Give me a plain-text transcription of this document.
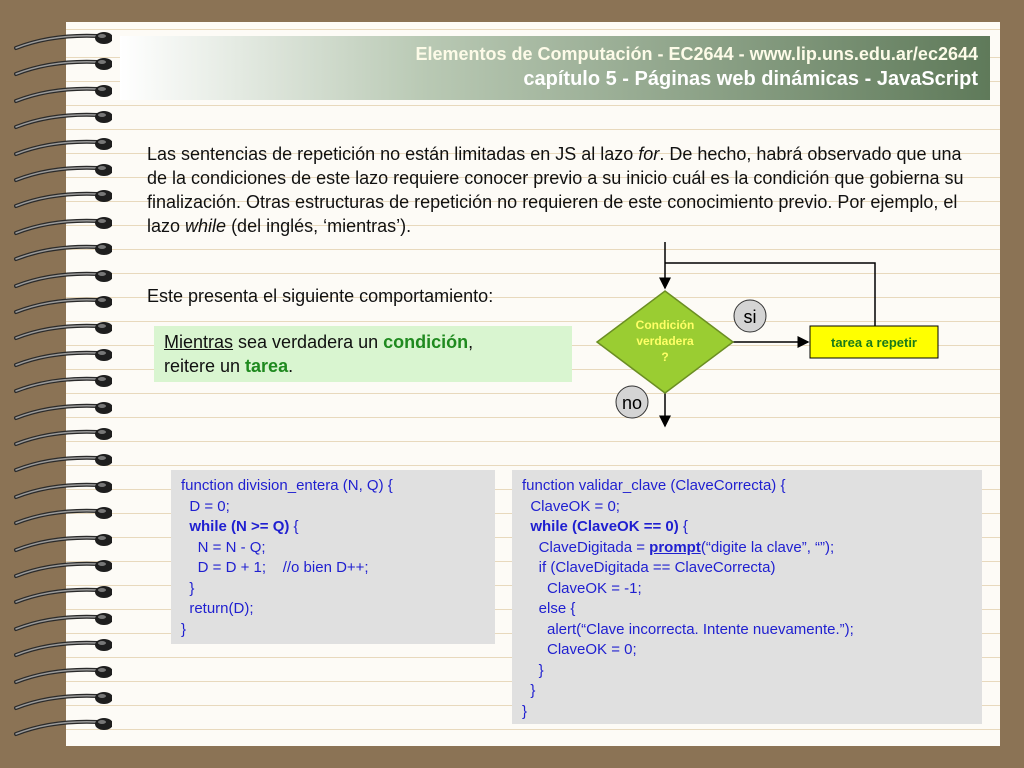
Elementos de Computación - EC2644 - www.lip.uns.edu.ar/ec2644
capítulo 5 - Páginas web dinámicas - JavaScript

Las sentencias de repetición no están limitadas en JS al lazo for. De hecho, habrá observado que una de la condiciones de este lazo requiere conocer previo a su inicio cuál es la condición que gobierna su finalización. Otras estructuras de repetición no requieren de este conocimiento previo. Por ejemplo, el lazo while (del inglés, ‘mientras’).

Este presenta el siguiente comportamiento:

Mientras sea verdadera un condición,
reitere un tarea.
Condición
verdadera
?
tarea a repetir
si
no
function division_entera (N, Q) {
D = 0;
while (N >= Q) {
N = N - Q;
D = D + 1;    //o bien D++;
}
return(D);
}
function validar_clave (ClaveCorrecta) {
ClaveOK = 0;
while (ClaveOK == 0) {
ClaveDigitada = prompt(“digite la clave”, “”);
if (ClaveDigitada == ClaveCorrecta)
ClaveOK = -1;
else {
alert(“Clave incorrecta. Intente nuevamente.”);
ClaveOK = 0;
}
}
}
